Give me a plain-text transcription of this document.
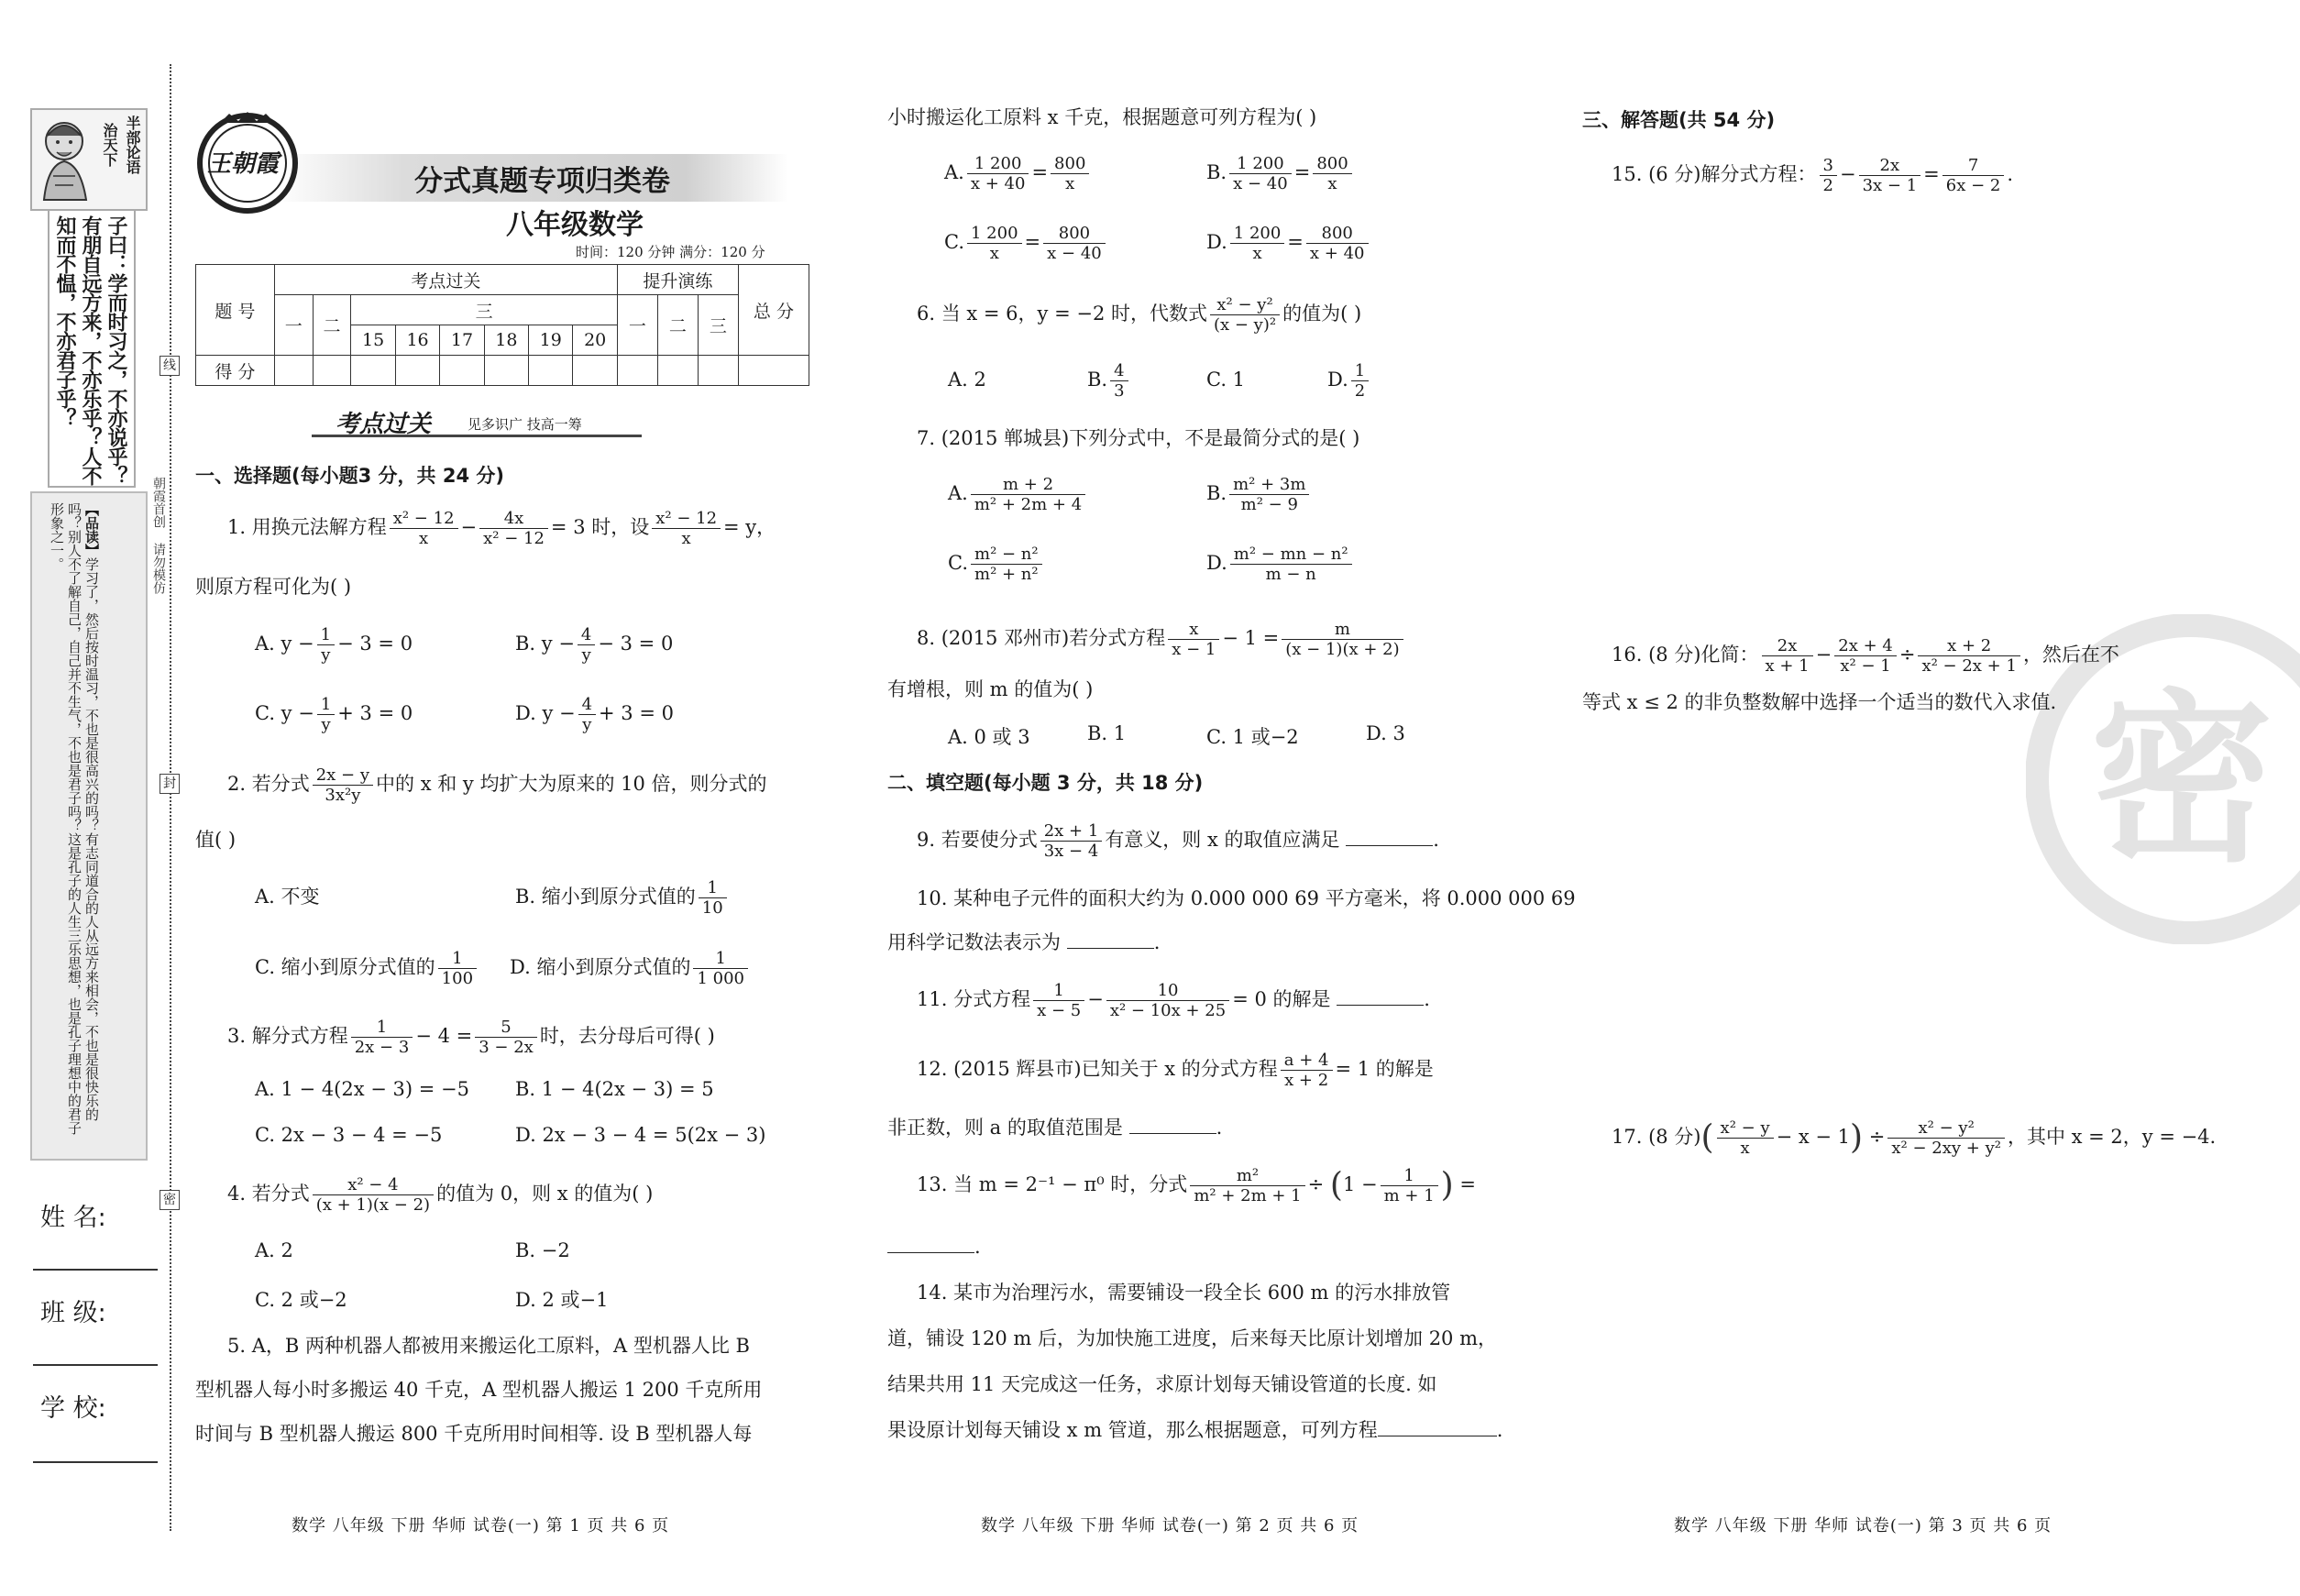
半部论语
治天下
子曰：学而时习之，不亦说乎？有朋自远方来，不亦乐乎？人不知而不愠，不亦君子乎？
【品读】学习了，然后按时温习，不也是很高兴的吗？有志同道合的人从远方来相会，不也是很快乐的吗？别人不了解自己，自己并不生气，不也是君子吗？这是孔子的人生三乐思想，也是孔子理想中的君子形象之一。	朝霞首创 请勿模仿
线
封
密
姓 名:
班 级:
学 校:
王朝霞
分式真题专项归类卷
八年级数学
时间：120 分钟 满分：120 分
题 号	考点过关								提升演练			总 分
	一	二	三						一	二	三	
			15	16	17	18	19	20				
得 分												
考点过关	见多识广 技高一筹
一、选择题(每小题3 分，共 24 分)
1. 用换元法解方程 $\frac{\text{x² − 12}}{x} - \frac{4x}{\text{x² − 12}} = 3$ 时，设 $\frac{\text{x² − 12}}{x} = y$，
则原方程可化为( )
A. $y - \frac{1}{y} - 3 = 0$	B. $y - \frac{4}{y} - 3 = 0$
C. $y - \frac{1}{y} + 3 = 0$	D. $y - \frac{4}{y} + 3 = 0$
2. 若分式 $\frac{2x - y}{\text{3x²y}}$ 中的 x 和 y 均扩大为原来的 10 倍，则分式的
值( )
A. 不变	B. 缩小到原分式值的 $\frac{1}{10}$
C. 缩小到原分式值的 $\frac{1}{100} D$. 缩小到原分式值的 $\frac{1}{1 000}$
3. 解分式方程 $\frac{1}{2x - 3} - 4 = \frac{5}{3 - 2x}$ 时，去分母后可得( )
A. 1 − 4(2x − 3) = −5 B. 1 − 4(2x − 3) = 5
C. 2x − 3 − 4 = −5	D. 2x − 3 − 4 = 5(2x − 3)
4. 若分式 $\frac{\text{x² − 4}}{(x + 1)(x - 2)}$ 的值为 0，则 x 的值为( )
A. 2	B. −2
C. 2 或−2	D. 2 或−1
5. A，B 两种机器人都被用来搬运化工原料，A 型机器人比 B
型机器人每小时多搬运 40 千克，A 型机器人搬运 1 200 千克所用
时间与 B 型机器人搬运 800 千克所用时间相等. 设 B 型机器人每
小时搬运化工原料 x 千克，根据题意可列方程为( )
A. $\frac{1 200}{x + 40} = \frac{800}{x}$	B. $\frac{1 200}{x - 40} = \frac{800}{x}$
C. $\frac{1 200}{x} = \frac{800}{x - 40}$	D. $\frac{1 200}{x} = \frac{800}{x + 40}$
6. 当 x = 6，y = −2 时，代数式 $\frac{\text{x² − y²}}{\text{(x − y)²}}$ 的值为( )
A. 2	B. $\frac{4}{3}$	C. 1	D. $\frac{1}{2}$
7. (2015 郸城县)下列分式中，不是最简分式的是( )
A. $\frac{m + 2}{\text{m² + 2m + 4}}$	B. $\frac{\text{m² + 3m}}{\text{m² − 9}}$
C. $\frac{\text{m² − n²}}{\text{m² + n²}}$	D. $\frac{\text{m² − mn − n²}}{m - n}$
8. (2015 邓州市)若分式方程 $\frac{x}{x - 1} - 1 = \frac{m}{(x - 1)(x + 2)}$
有增根，则 m 的值为( )
A. 0 或 3	B. 1	C. 1 或−2	D. 3
二、填空题(每小题 3 分，共 18 分)
9. 若要使分式 $\frac{2x + 1}{3x - 4}$ 有意义，则 x 的取值应满足	.
10. 某种电子元件的面积大约为 0.000 000 69 平方毫米，将 0.000 000 69
用科学记数法表示为	.
11. 分式方程 $\frac{1}{x - 5} - \frac{10}{\text{x² − 10x + 25}} = 0$ 的解是	.
12. (2015 辉县市)已知关于 x 的分式方程 $\frac{a + 4}{x + 2} = 1$ 的解是
非正数，则 a 的取值范围是	.
13. 当 m = 2⁻¹ − π⁰ 时，分式 $\frac{\text{m²}}{\text{m² + 2m + 1}} \div (1 - \frac{1}{m + 1}$ ) =
.
14. 某市为治理污水，需要铺设一段全长 600 m 的污水排放管
道，铺设 120 m 后，为加快施工进度，后来每天比原计划增加 20 m，
结果共用 11 天完成这一任务，求原计划每天铺设管道的长度. 如
果设原计划每天铺设 x m 管道，那么根据题意，可列方程	.
密
三、解答题(共 54 分)
15. (6 分)解分式方程： $\frac{3}{2} - \frac{2x}{3x - 1} = \frac{7}{6x - 2}$ .
16. (8 分)化简： $\frac{2x}{x + 1} - \frac{2x + 4}{\text{x² − 1}} \div \frac{x + 2}{\text{x² − 2x + 1}}$ ，然后在不
等式 x ≤ 2 的非负整数解中选择一个适当的数代入求值.
17. (8 分)( $\frac{\text{x² − y}}{x} - x - 1) \div \frac{\text{x² − y²}}{\text{x² − 2xy + y²}}$ ，其中 x = 2，y = −4.
数学 八年级 下册 华师 试卷(一) 第 1 页 共 6 页	数学 八年级 下册 华师 试卷(一) 第 2 页 共 6 页	数学 八年级 下册 华师 试卷(一) 第 3 页 共 6 页
